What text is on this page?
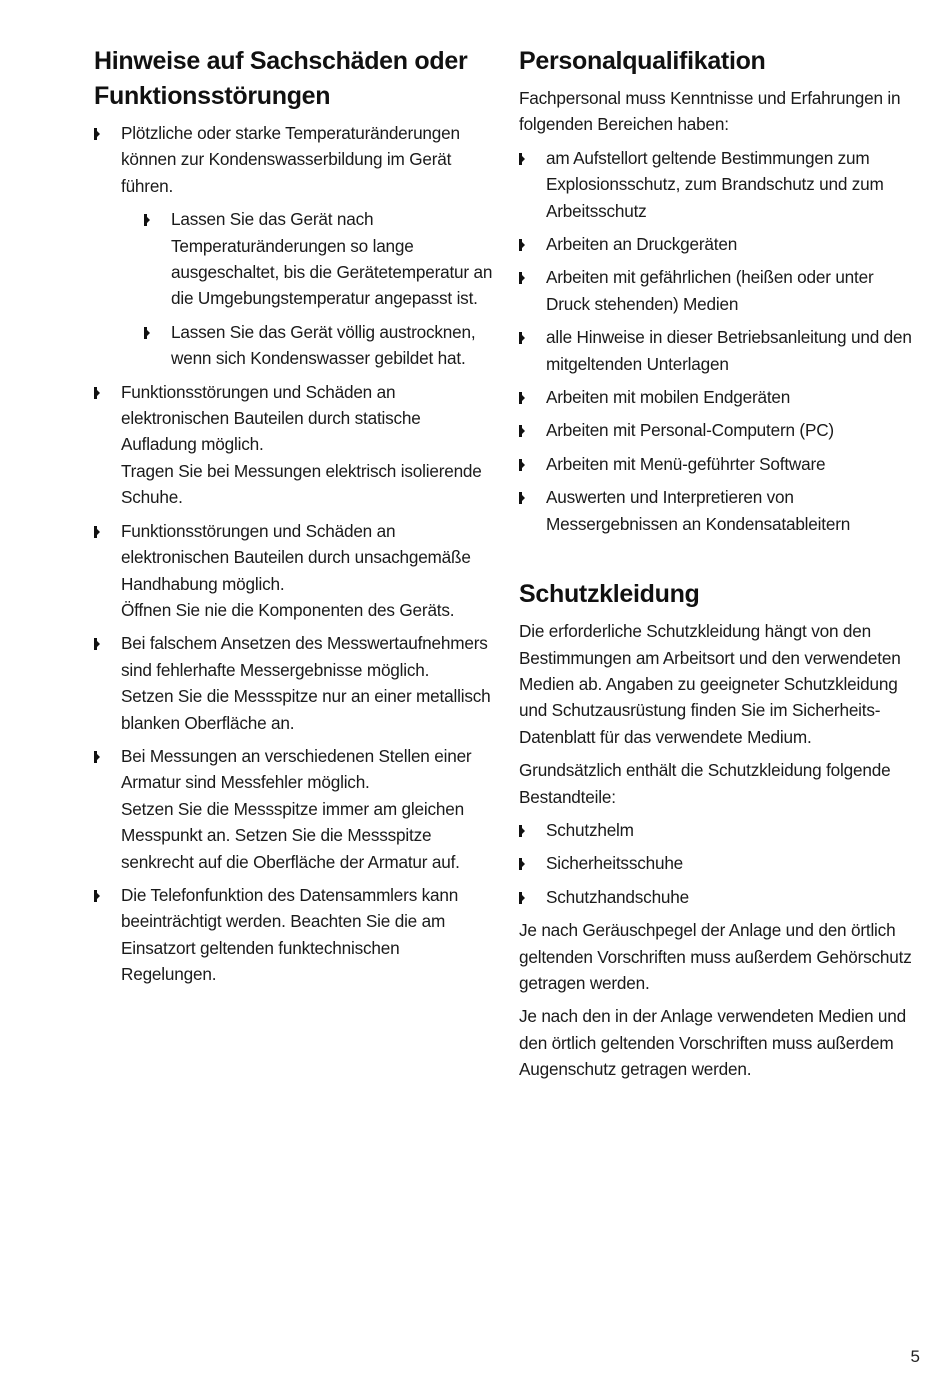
Hinweise auf Sachschäden oder Funktionsstörungen
Plötzliche oder starke Temperaturänderungen können zur Kondenswasserbildung im Gerät führen.
Lassen Sie das Gerät nach Temperaturänderungen so lange ausgeschaltet, bis die Gerätetemperatur an die Umgebungstemperatur angepasst ist.
Lassen Sie das Gerät völlig austrocknen, wenn sich Kondenswasser gebildet hat.
Funktionsstörungen und Schäden an elektronischen Bauteilen durch statische Aufladung möglich.
Tragen Sie bei Messungen elektrisch isolierende Schuhe.
Funktionsstörungen und Schäden an elektronischen Bauteilen durch unsachgemäße Handhabung möglich.
Öffnen Sie nie die Komponenten des Geräts.
Bei falschem Ansetzen des Messwertaufnehmers sind fehlerhafte Messergebnisse möglich.
Setzen Sie die Messspitze nur an einer metallisch blanken Oberfläche an.
Bei Messungen an verschiedenen Stellen einer Armatur sind Messfehler möglich.
Setzen Sie die Messspitze immer am gleichen Messpunkt an. Setzen Sie die Messspitze senkrecht auf die Oberfläche der Armatur auf.
Die Telefonfunktion des Datensammlers kann beeinträchtigt werden. Beachten Sie die am Einsatzort geltenden funktechnischen Regelungen.
Personalqualifikation

Fachpersonal muss Kenntnisse und Erfahrungen in folgenden Bereichen haben:

am Aufstellort geltende Bestimmungen zum Explosionsschutz, zum Brandschutz und zum Arbeitsschutz
Arbeiten an Druckgeräten
Arbeiten mit gefährlichen (heißen oder unter Druck stehenden) Medien
alle Hinweise in dieser Betriebsanleitung und den mitgeltenden Unterlagen
Arbeiten mit mobilen Endgeräten
Arbeiten mit Personal-Computern (PC)
Arbeiten mit Menü-geführter Software
Auswerten und Interpretieren von Messergebnissen an Kondensatableitern
Schutzkleidung

Die erforderliche Schutzkleidung hängt von den Bestimmungen am Arbeitsort und den verwendeten Medien ab. Angaben zu geeigneter Schutzkleidung und Schutzausrüstung finden Sie im Sicherheits-Datenblatt für das verwendete Medium.

Grundsätzlich enthält die Schutzkleidung folgende Bestandteile:

Schutzhelm
Sicherheitsschuhe
Schutzhandschuhe

Je nach Geräuschpegel der Anlage und den örtlich geltenden Vorschriften muss außerdem Gehörschutz getragen werden.

Je nach den in der Anlage verwendeten Medien und den örtlich geltenden Vorschriften muss außerdem Augenschutz getragen werden.

5
